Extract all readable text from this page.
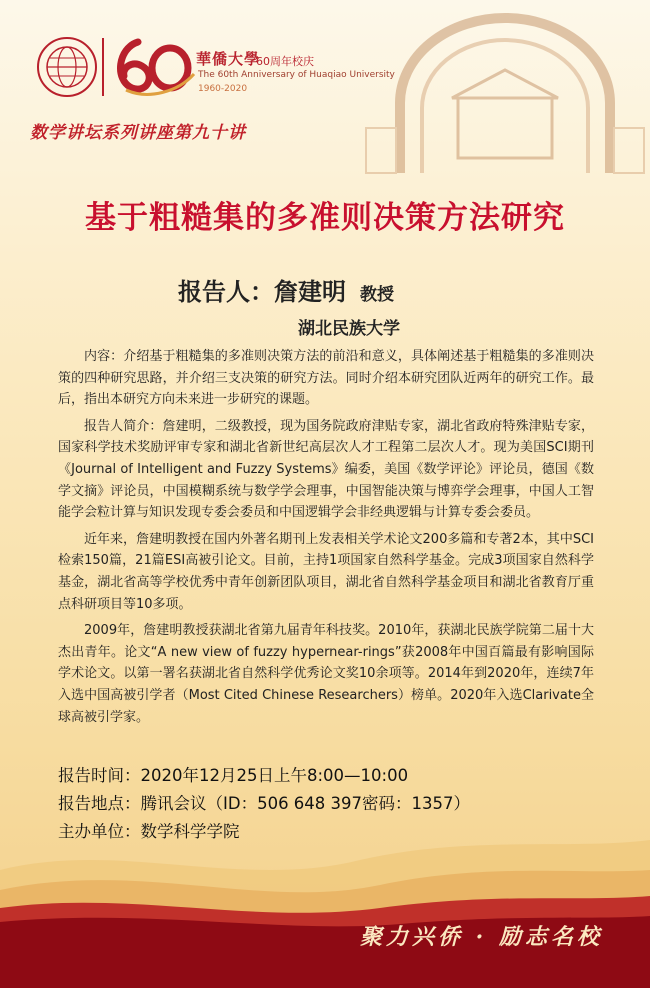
華僑大學
60周年校庆
The 60th Anniversary of Huaqiao University
1960-2020
数学讲坛系列讲座第九十讲
基于粗糙集的多准则决策方法研究
报告人：詹建明 教授
湖北民族大学

内容：介绍基于粗糙集的多准则决策方法的前沿和意义，具体阐述基于粗糙集的多准则决策的四种研究思路，并介绍三支决策的研究方法。同时介绍本研究团队近两年的研究工作。最后，指出本研究方向未来进一步研究的课题。

报告人简介：詹建明，二级教授，现为国务院政府津贴专家，湖北省政府特殊津贴专家，国家科学技术奖励评审专家和湖北省新世纪高层次人才工程第二层次人才。现为美国SCI期刊《Journal of Intelligent and Fuzzy Systems》编委，美国《数学评论》评论员，德国《数学文摘》评论员，中国模糊系统与数学学会理事，中国智能决策与博弈学会理事，中国人工智能学会粒计算与知识发现专委会委员和中国逻辑学会非经典逻辑与计算专委会委员。

近年来，詹建明教授在国内外著名期刊上发表相关学术论文200多篇和专著2本，其中SCI检索150篇，21篇ESI高被引论文。目前，主持1项国家自然科学基金。完成3项国家自然科学基金，湖北省高等学校优秀中青年创新团队项目，湖北省自然科学基金项目和湖北省教育厅重点科研项目等10多项。

2009年，詹建明教授获湖北省第九届青年科技奖。2010年，获湖北民族学院第二届十大杰出青年。论文“A new view of fuzzy hypernear-rings”获2008年中国百篇最有影响国际学术论文。以第一署名获湖北省自然科学优秀论文奖10余项等。2014年到2020年，连续7年入选中国高被引学者（Most Cited Chinese Researchers）榜单。2020年入选Clarivate全球高被引学家。

报告时间：2020年12月25日上午8:00—10:00
报告地点：腾讯会议（ID：506 648 397密码：1357）
主办单位：数学科学学院
聚力兴侨 · 励志名校
